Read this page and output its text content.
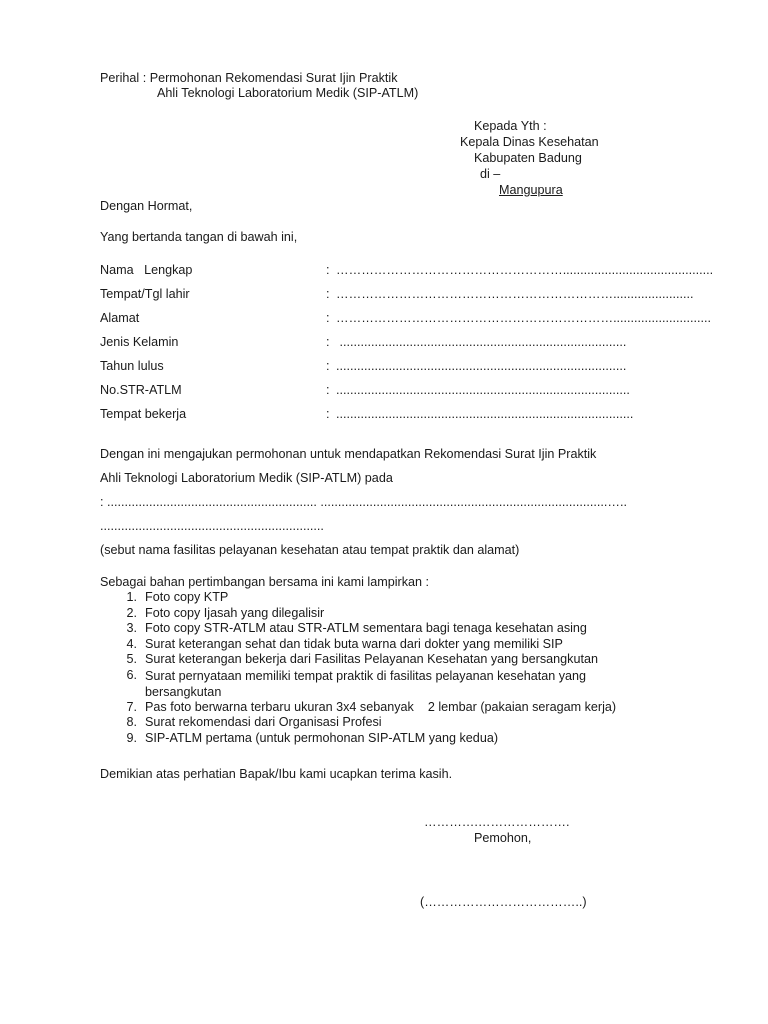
Perihal : Permohonan Rekomendasi Surat Ijin Praktik
Ahli Teknologi Laboratorium Medik (SIP-ATLM)
Kepada Yth :
Kepala Dinas Kesehatan
Kabupaten Badung
di –
Mangupura
Dengan Hormat,
Yang bertanda tangan di bawah ini,
Nama   Lengkap	: ………………………………………………...........................................
Tempat/Tgl lahir	: ………………………………………………………….......................
Alamat	: …………………………………………………………............................
Jenis Kelamin	: ..................................................................................
Tahun lulus	: ...................................................................................
No.STR-ATLM	: ....................................................................................
Tempat bekerja	: .....................................................................................
Dengan ini mengajukan permohonan untuk mendapatkan Rekomendasi Surat Ijin Praktik
Ahli Teknologi Laboratorium Medik (SIP-ATLM) pada
: ............................................................ ..................................................................................…..
................................................................
(sebut nama fasilitas pelayanan kesehatan atau tempat praktik dan alamat)
Sebagai bahan pertimbangan bersama ini kami lampirkan :
1. Foto copy KTP
2. Foto copy Ijasah yang dilegalisir
3. Foto copy STR-ATLM atau STR-ATLM sementara bagi tenaga kesehatan asing
4. Surat keterangan sehat dan tidak buta warna dari dokter yang memiliki SIP
5. Surat keterangan bekerja dari Fasilitas Pelayanan Kesehatan yang bersangkutan
6. Surat pernyataan memiliki tempat praktik di fasilitas pelayanan kesehatan yang bersangkutan
7. Pas foto berwarna terbaru ukuran 3x4 sebanyak    2 lembar (pakaian seragam kerja)
8. Surat rekomendasi dari Organisasi Profesi
9. SIP-ATLM pertama (untuk permohonan SIP-ATLM yang kedua)
Demikian atas perhatian Bapak/Ibu kami ucapkan terima kasih.
………….………………….
Pemohon,
(………………………………..)
